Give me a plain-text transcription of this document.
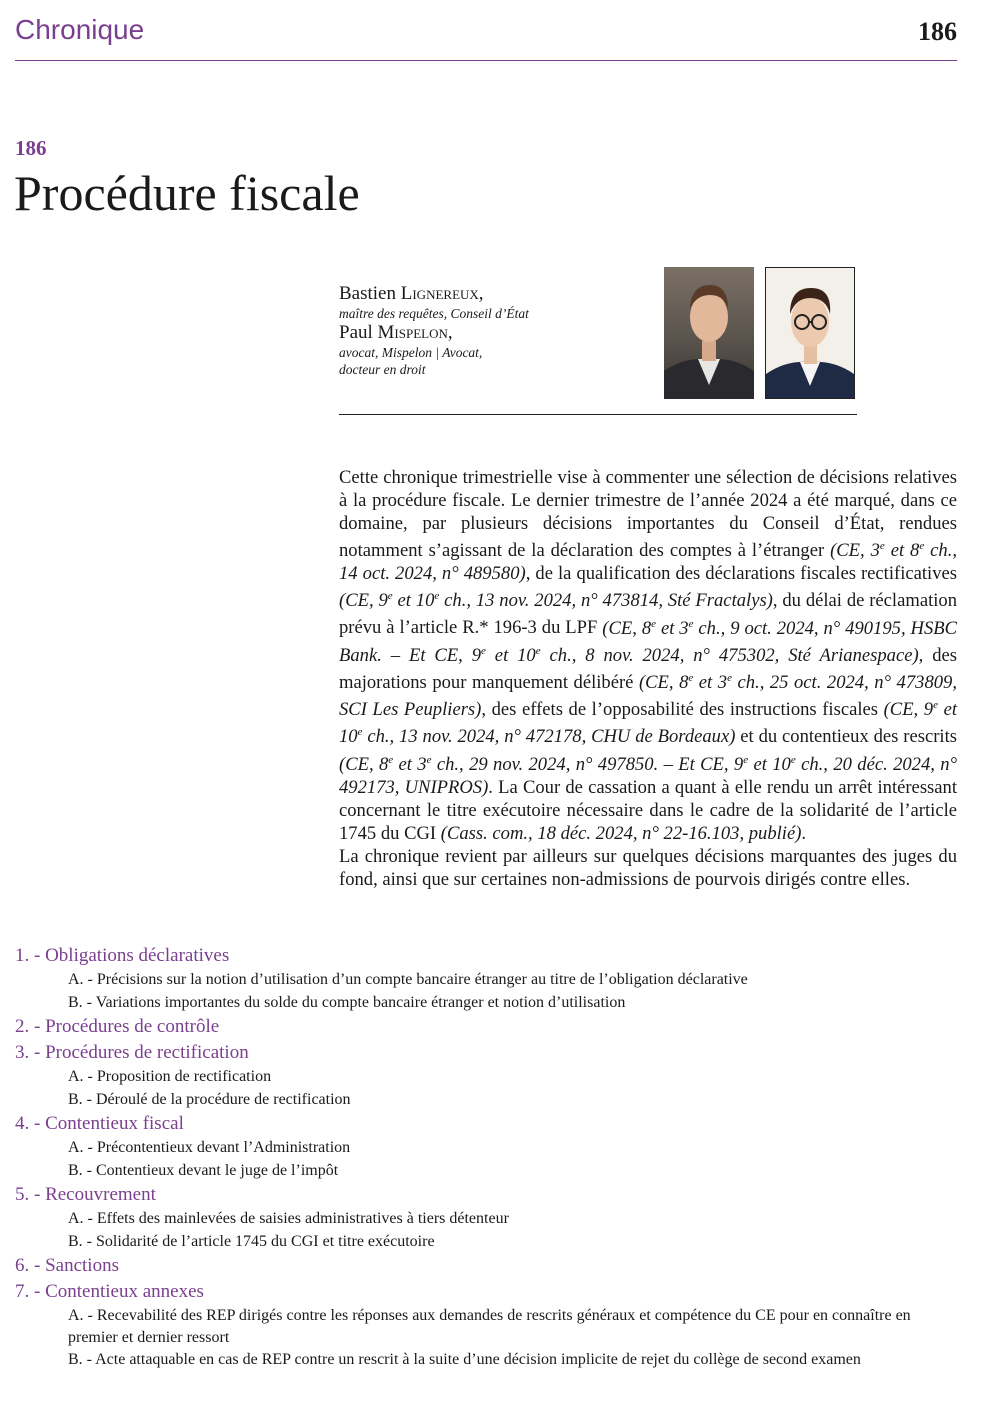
Chronique	186
186
Procédure fiscale
Bastien Lignereux,
maître des requêtes, Conseil d’État
Paul Mispelon,
avocat, Mispelon | Avocat,
docteur en droit
Cette chronique trimestrielle vise à commenter une sélection de décisions relatives à la procédure fiscale. Le dernier trimestre de l’année 2024 a été marqué, dans ce domaine, par plusieurs décisions importantes du Conseil d’État, rendues notamment s’agissant de la déclaration des comptes à l’étranger (CE, 3e et 8e ch., 14 oct. 2024, n° 489580), de la qualification des déclarations fiscales rectificatives (CE, 9e et 10e ch., 13 nov. 2024, n° 473814, Sté Fractalys), du délai de réclamation prévu à l’article R.* 196-3 du LPF (CE, 8e et 3e ch., 9 oct. 2024, n° 490195, HSBC Bank. – Et CE, 9e et 10e ch., 8 nov. 2024, n° 475302, Sté Arianespace), des majorations pour manquement délibéré (CE, 8e et 3e ch., 25 oct. 2024, n° 473809, SCI Les Peupliers), des effets de l’opposabilité des instructions fiscales (CE, 9e et 10e ch., 13 nov. 2024, n° 472178, CHU de Bordeaux) et du contentieux des rescrits (CE, 8e et 3e ch., 29 nov. 2024, n° 497850. – Et CE, 9e et 10e ch., 20 déc. 2024, n° 492173, UNIPROS). La Cour de cassation a quant à elle rendu un arrêt intéressant concernant le titre exécutoire nécessaire dans le cadre de la solidarité de l’article 1745 du CGI (Cass. com., 18 déc. 2024, n° 22-16.103, publié).
La chronique revient par ailleurs sur quelques décisions marquantes des juges du fond, ainsi que sur certaines non-admissions de pourvois dirigés contre elles.
1. - Obligations déclaratives
A. - Précisions sur la notion d’utilisation d’un compte bancaire étranger au titre de l’obligation déclarative
B. - Variations importantes du solde du compte bancaire étranger et notion d’utilisation
2. - Procédures de contrôle
3. - Procédures de rectification
A. - Proposition de rectification
B. - Déroulé de la procédure de rectification
4. - Contentieux fiscal
A. - Précontentieux devant l’Administration
B. - Contentieux devant le juge de l’impôt
5. - Recouvrement
A. - Effets des mainlevées de saisies administratives à tiers détenteur
B. - Solidarité de l’article 1745 du CGI et titre exécutoire
6. - Sanctions
7. - Contentieux annexes
A. - Recevabilité des REP dirigés contre les réponses aux demandes de rescrits généraux et compétence du CE pour en connaître en premier et dernier ressort
B. - Acte attaquable en cas de REP contre un rescrit à la suite d’une décision implicite de rejet du collège de second examen
